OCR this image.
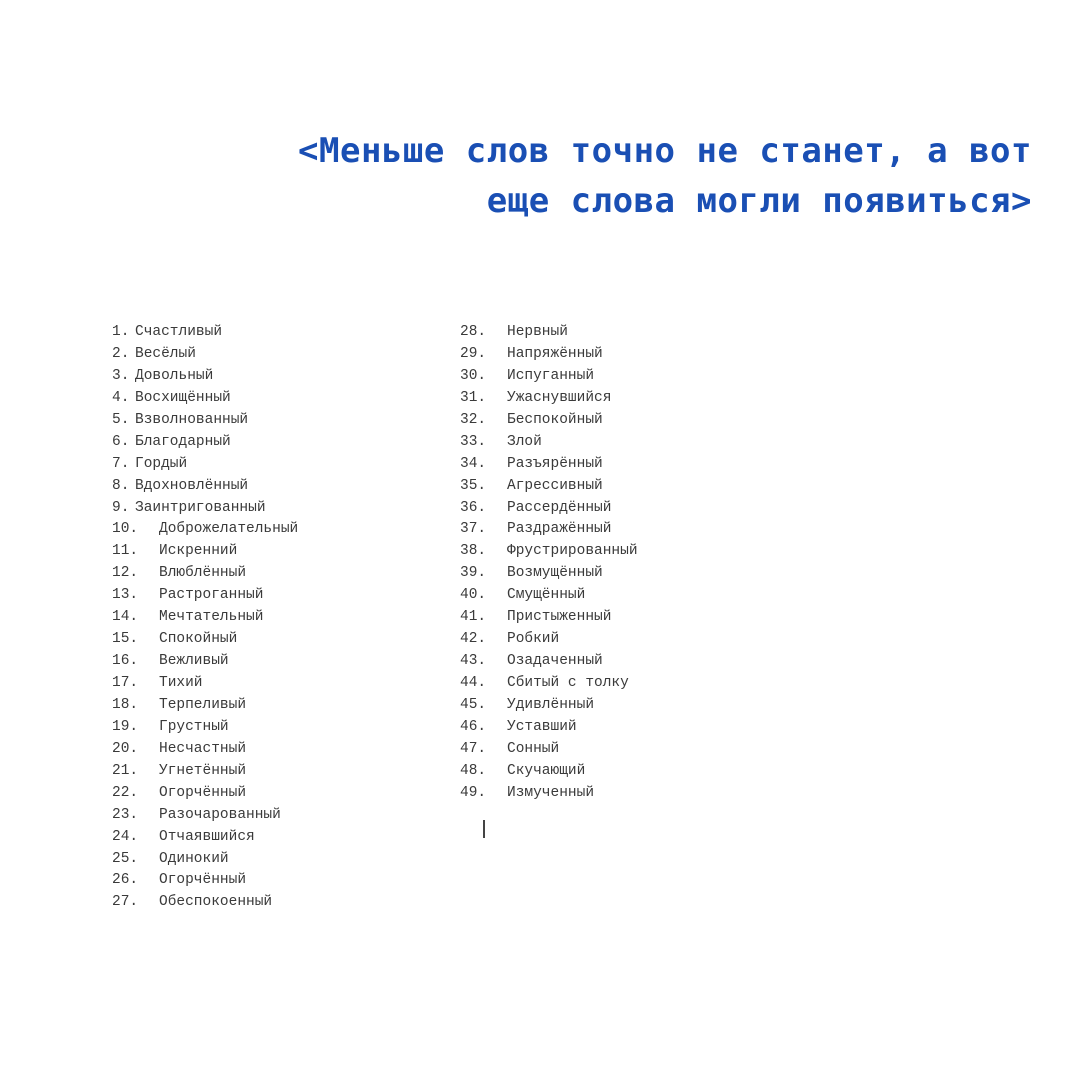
<Меньше слов точно не станет, а вот
еще слова могли появиться>
1. Счастливый
2. Весёлый
3. Довольный
4. Восхищённый
5. Взволнованный
6. Благодарный
7. Гордый
8. Вдохновлённый
9. Заинтригованный
10. Доброжелательный
11. Искренний
12. Влюблённый
13. Растроганный
14. Мечтательный
15. Спокойный
16. Вежливый
17. Тихий
18. Терпеливый
19. Грустный
20. Несчастный
21. Угнетённый
22. Огорчённый
23. Разочарованный
24. Отчаявшийся
25. Одинокий
26. Огорчённый
27. Обеспокоенный
28. Нервный
29. Напряжённый
30. Испуганный
31. Ужаснувшийся
32. Беспокойный
33. Злой
34. Разъярённый
35. Агрессивный
36. Рассердённый
37. Раздражённый
38. Фрустрированный
39. Возмущённый
40. Смущённый
41. Пристыженный
42. Робкий
43. Озадаченный
44. Сбитый с толку
45. Удивлённый
46. Уставший
47. Сонный
48. Скучающий
49. Измученный
